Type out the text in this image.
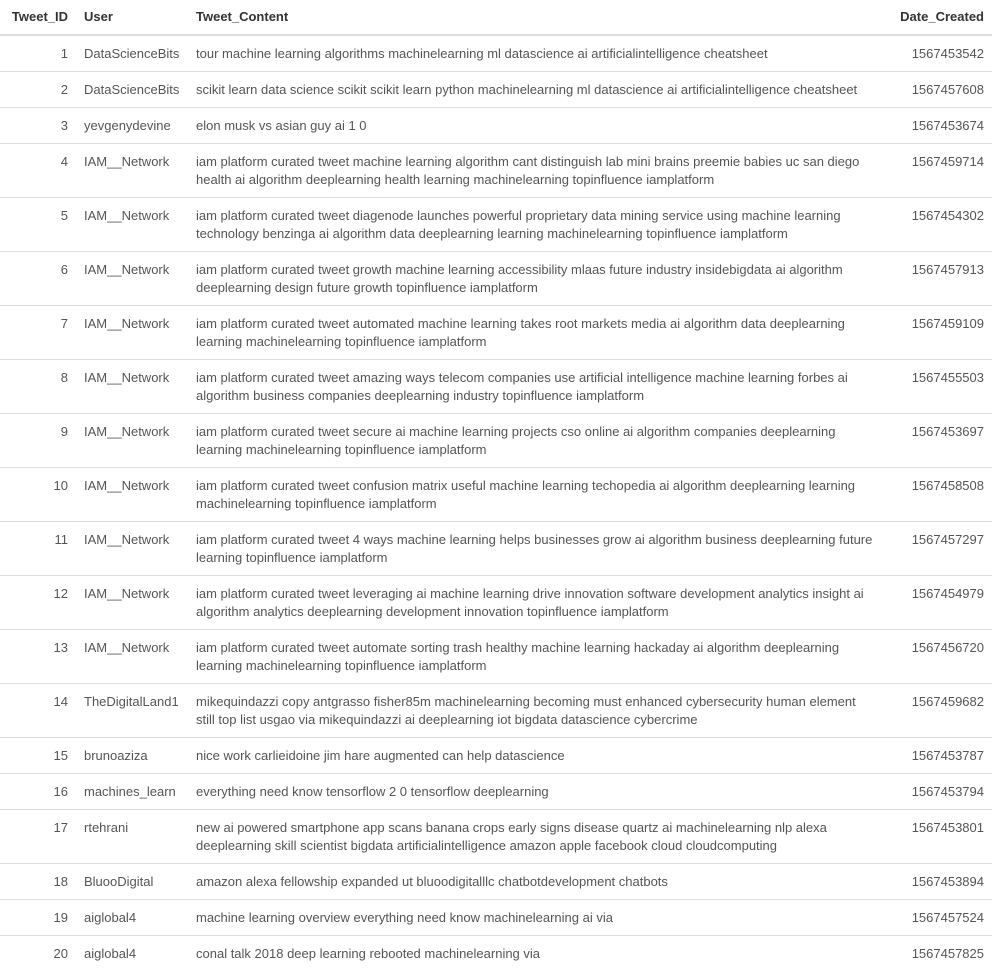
Tweet_ID	User	Tweet_Content	Date_Created
1	DataScienceBits	tour machine learning algorithms machinelearning ml datascience ai artificialintelligence cheatsheet	1567453542
2	DataScienceBits	scikit learn data science scikit scikit learn python machinelearning ml datascience ai artificialintelligence cheatsheet	1567457608
3	yevgenydevine	elon musk vs asian guy ai 1 0	1567453674
4	IAM__Network	iam platform curated tweet machine learning algorithm cant distinguish lab mini brains preemie babies uc san diego health ai algorithm deeplearning health learning machinelearning topinfluence iamplatform	1567459714
5	IAM__Network	iam platform curated tweet diagenode launches powerful proprietary data mining service using machine learning technology benzinga ai algorithm data deeplearning learning machinelearning topinfluence iamplatform	1567454302
6	IAM__Network	iam platform curated tweet growth machine learning accessibility mlaas future industry insidebigdata ai algorithm deeplearning design future growth topinfluence iamplatform	1567457913
7	IAM__Network	iam platform curated tweet automated machine learning takes root markets media ai algorithm data deeplearning learning machinelearning topinfluence iamplatform	1567459109
8	IAM__Network	iam platform curated tweet amazing ways telecom companies use artificial intelligence machine learning forbes ai algorithm business companies deeplearning industry topinfluence iamplatform	1567455503
9	IAM__Network	iam platform curated tweet secure ai machine learning projects cso online ai algorithm companies deeplearning learning machinelearning topinfluence iamplatform	1567453697
10	IAM__Network	iam platform curated tweet confusion matrix useful machine learning techopedia ai algorithm deeplearning learning machinelearning topinfluence iamplatform	1567458508
11	IAM__Network	iam platform curated tweet 4 ways machine learning helps businesses grow ai algorithm business deeplearning future learning topinfluence iamplatform	1567457297
12	IAM__Network	iam platform curated tweet leveraging ai machine learning drive innovation software development analytics insight ai algorithm analytics deeplearning development innovation topinfluence iamplatform	1567454979
13	IAM__Network	iam platform curated tweet automate sorting trash healthy machine learning hackaday ai algorithm deeplearning learning machinelearning topinfluence iamplatform	1567456720
14	TheDigitalLand1	mikequindazzi copy antgrasso fisher85m machinelearning becoming must enhanced cybersecurity human element still top list usgao via mikequindazzi ai deeplearning iot bigdata datascience cybercrime	1567459682
15	brunoaziza	nice work carlieidoine jim hare augmented can help datascience	1567453787
16	machines_learn	everything need know tensorflow 2 0 tensorflow deeplearning	1567453794
17	rtehrani	new ai powered smartphone app scans banana crops early signs disease quartz ai machinelearning nlp alexa deeplearning skill scientist bigdata artificialintelligence amazon apple facebook cloud cloudcomputing	1567453801
18	BluooDigital	amazon alexa fellowship expanded ut bluoodigitalllc chatbotdevelopment chatbots	1567453894
19	aiglobal4	machine learning overview everything need know machinelearning ai via	1567457524
20	aiglobal4	conal talk 2018 deep learning rebooted machinelearning via	1567457825
